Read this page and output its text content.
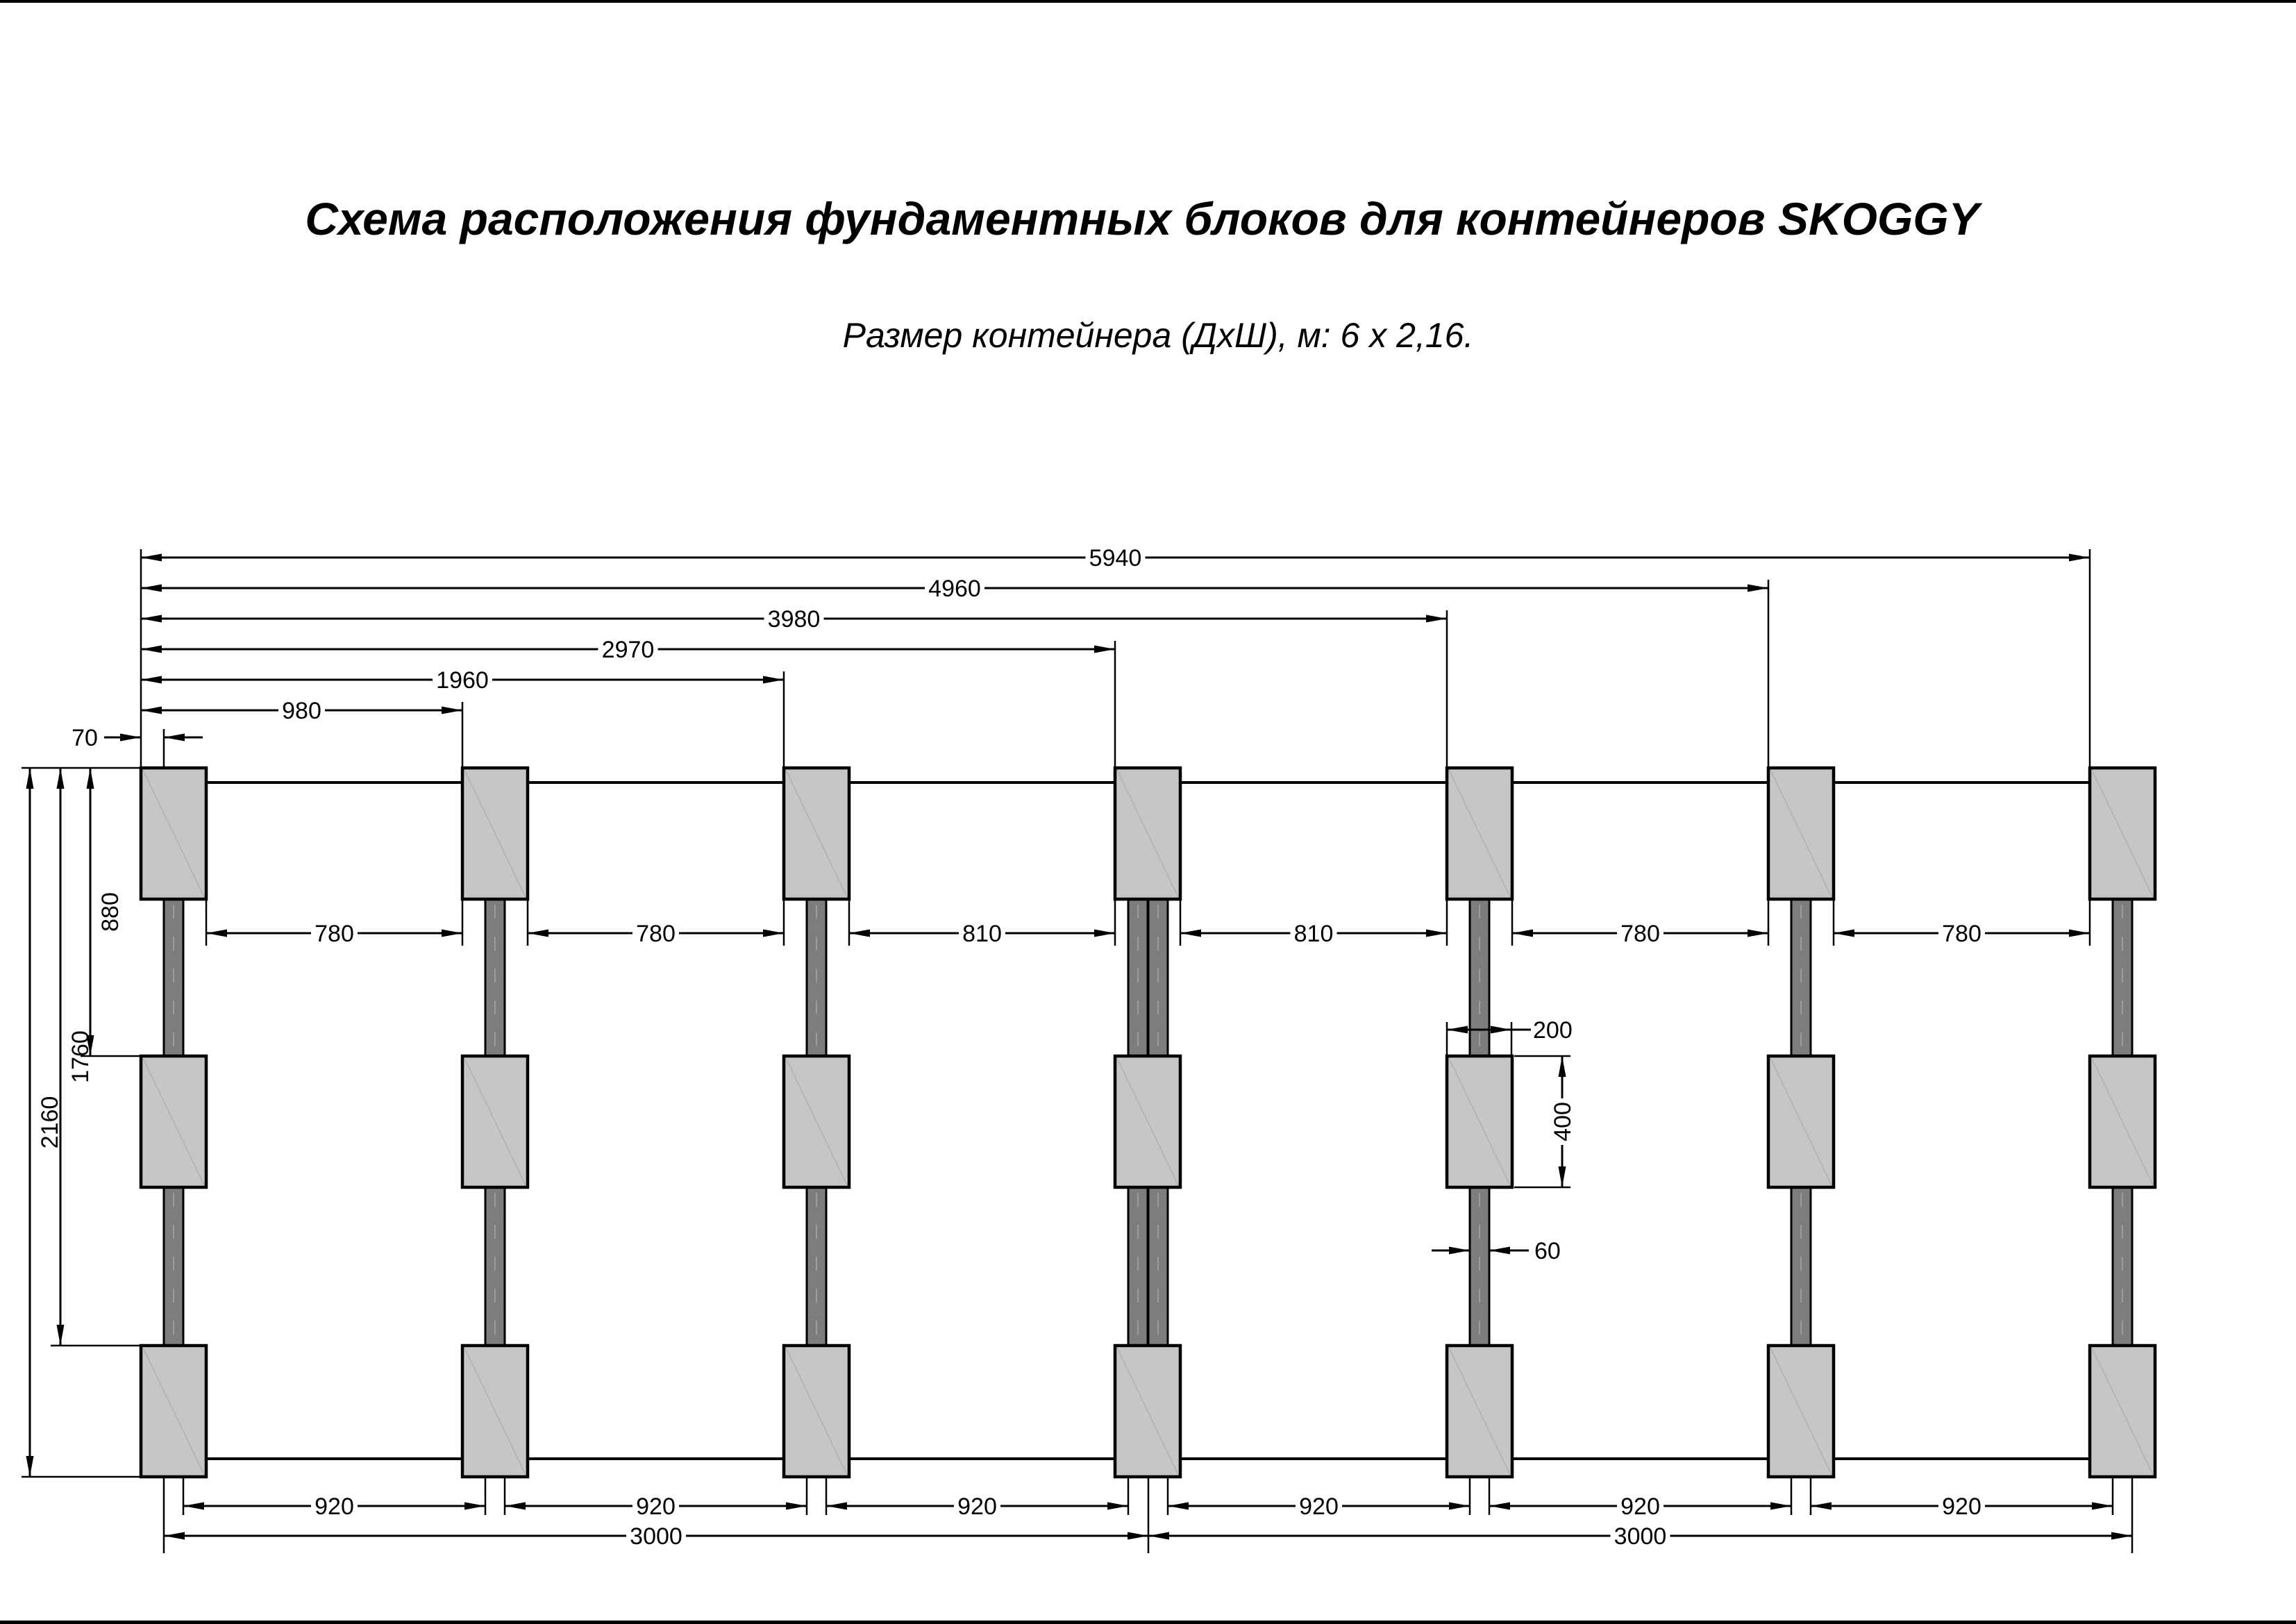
Схема расположения фундаментных блоков для контейнеров SKOGGY
Размер контейнера (ДхШ), м: 6 х 2,16.
5940
4960
3980
2970
1960
980
70
880
1760
2160
780	780	810	810	780	780
920	920	920	920	920	920
3000	3000
200
400
60
